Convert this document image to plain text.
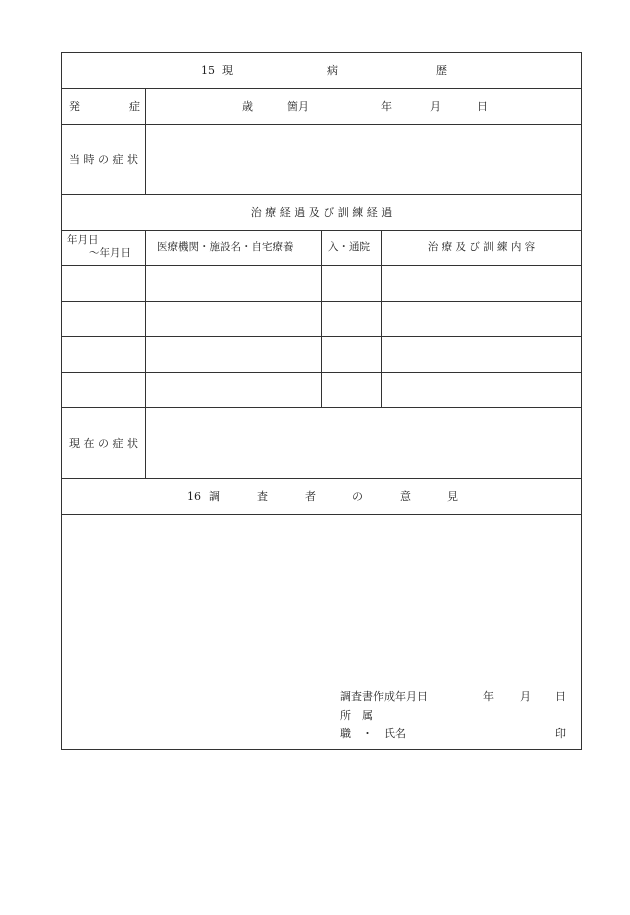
15 現	病	歴
発	症	歳	箇月	年	月	日
当 時 の 症 状
治 療 経 過 及 び 訓 練 経 過
年月日
～年月日 医療機関・施設名・自宅療養	入・通院	治 療 及 び 訓 練 内 容
現 在 の 症 状
16 調	査	者	の	意	見
調査書作成年月日	年 月 日
所　属
職　・　氏名	印
